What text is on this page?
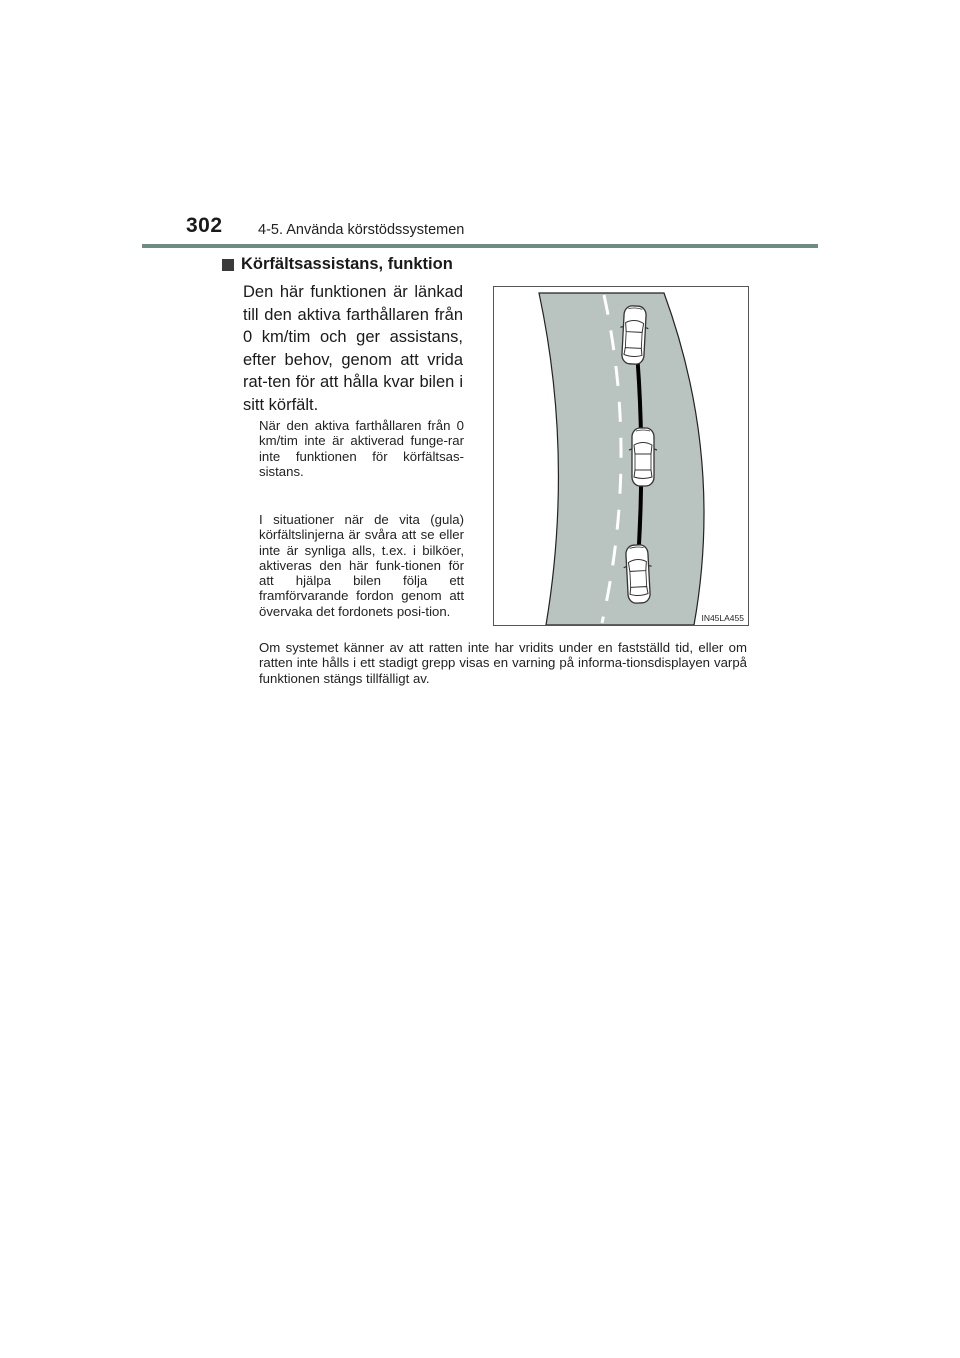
302 4-5. Använda körstödssystemen
Körfältsassistans, funktion
Den här funktionen är länkad till den aktiva farthållaren från 0 km/tim och ger assistans, efter behov, genom att vrida rat-ten för att hålla kvar bilen i sitt körfält.
När den aktiva farthållaren från 0 km/tim inte är aktiverad funge-rar inte funktionen för körfältsas-sistans.
I situationer när de vita (gula) körfältslinjerna är svåra att se eller inte är synliga alls, t.ex. i bilköer, aktiveras den här funk-tionen för att hjälpa bilen följa ett framförvarande fordon genom att övervaka det fordonets posi-tion.
Om systemet känner av att ratten inte har vridits under en fastställd tid, eller om ratten inte hålls i ett stadigt grepp visas en varning på informa-tionsdisplayen varpå funktionen stängs tillfälligt av.
IN45LA455
